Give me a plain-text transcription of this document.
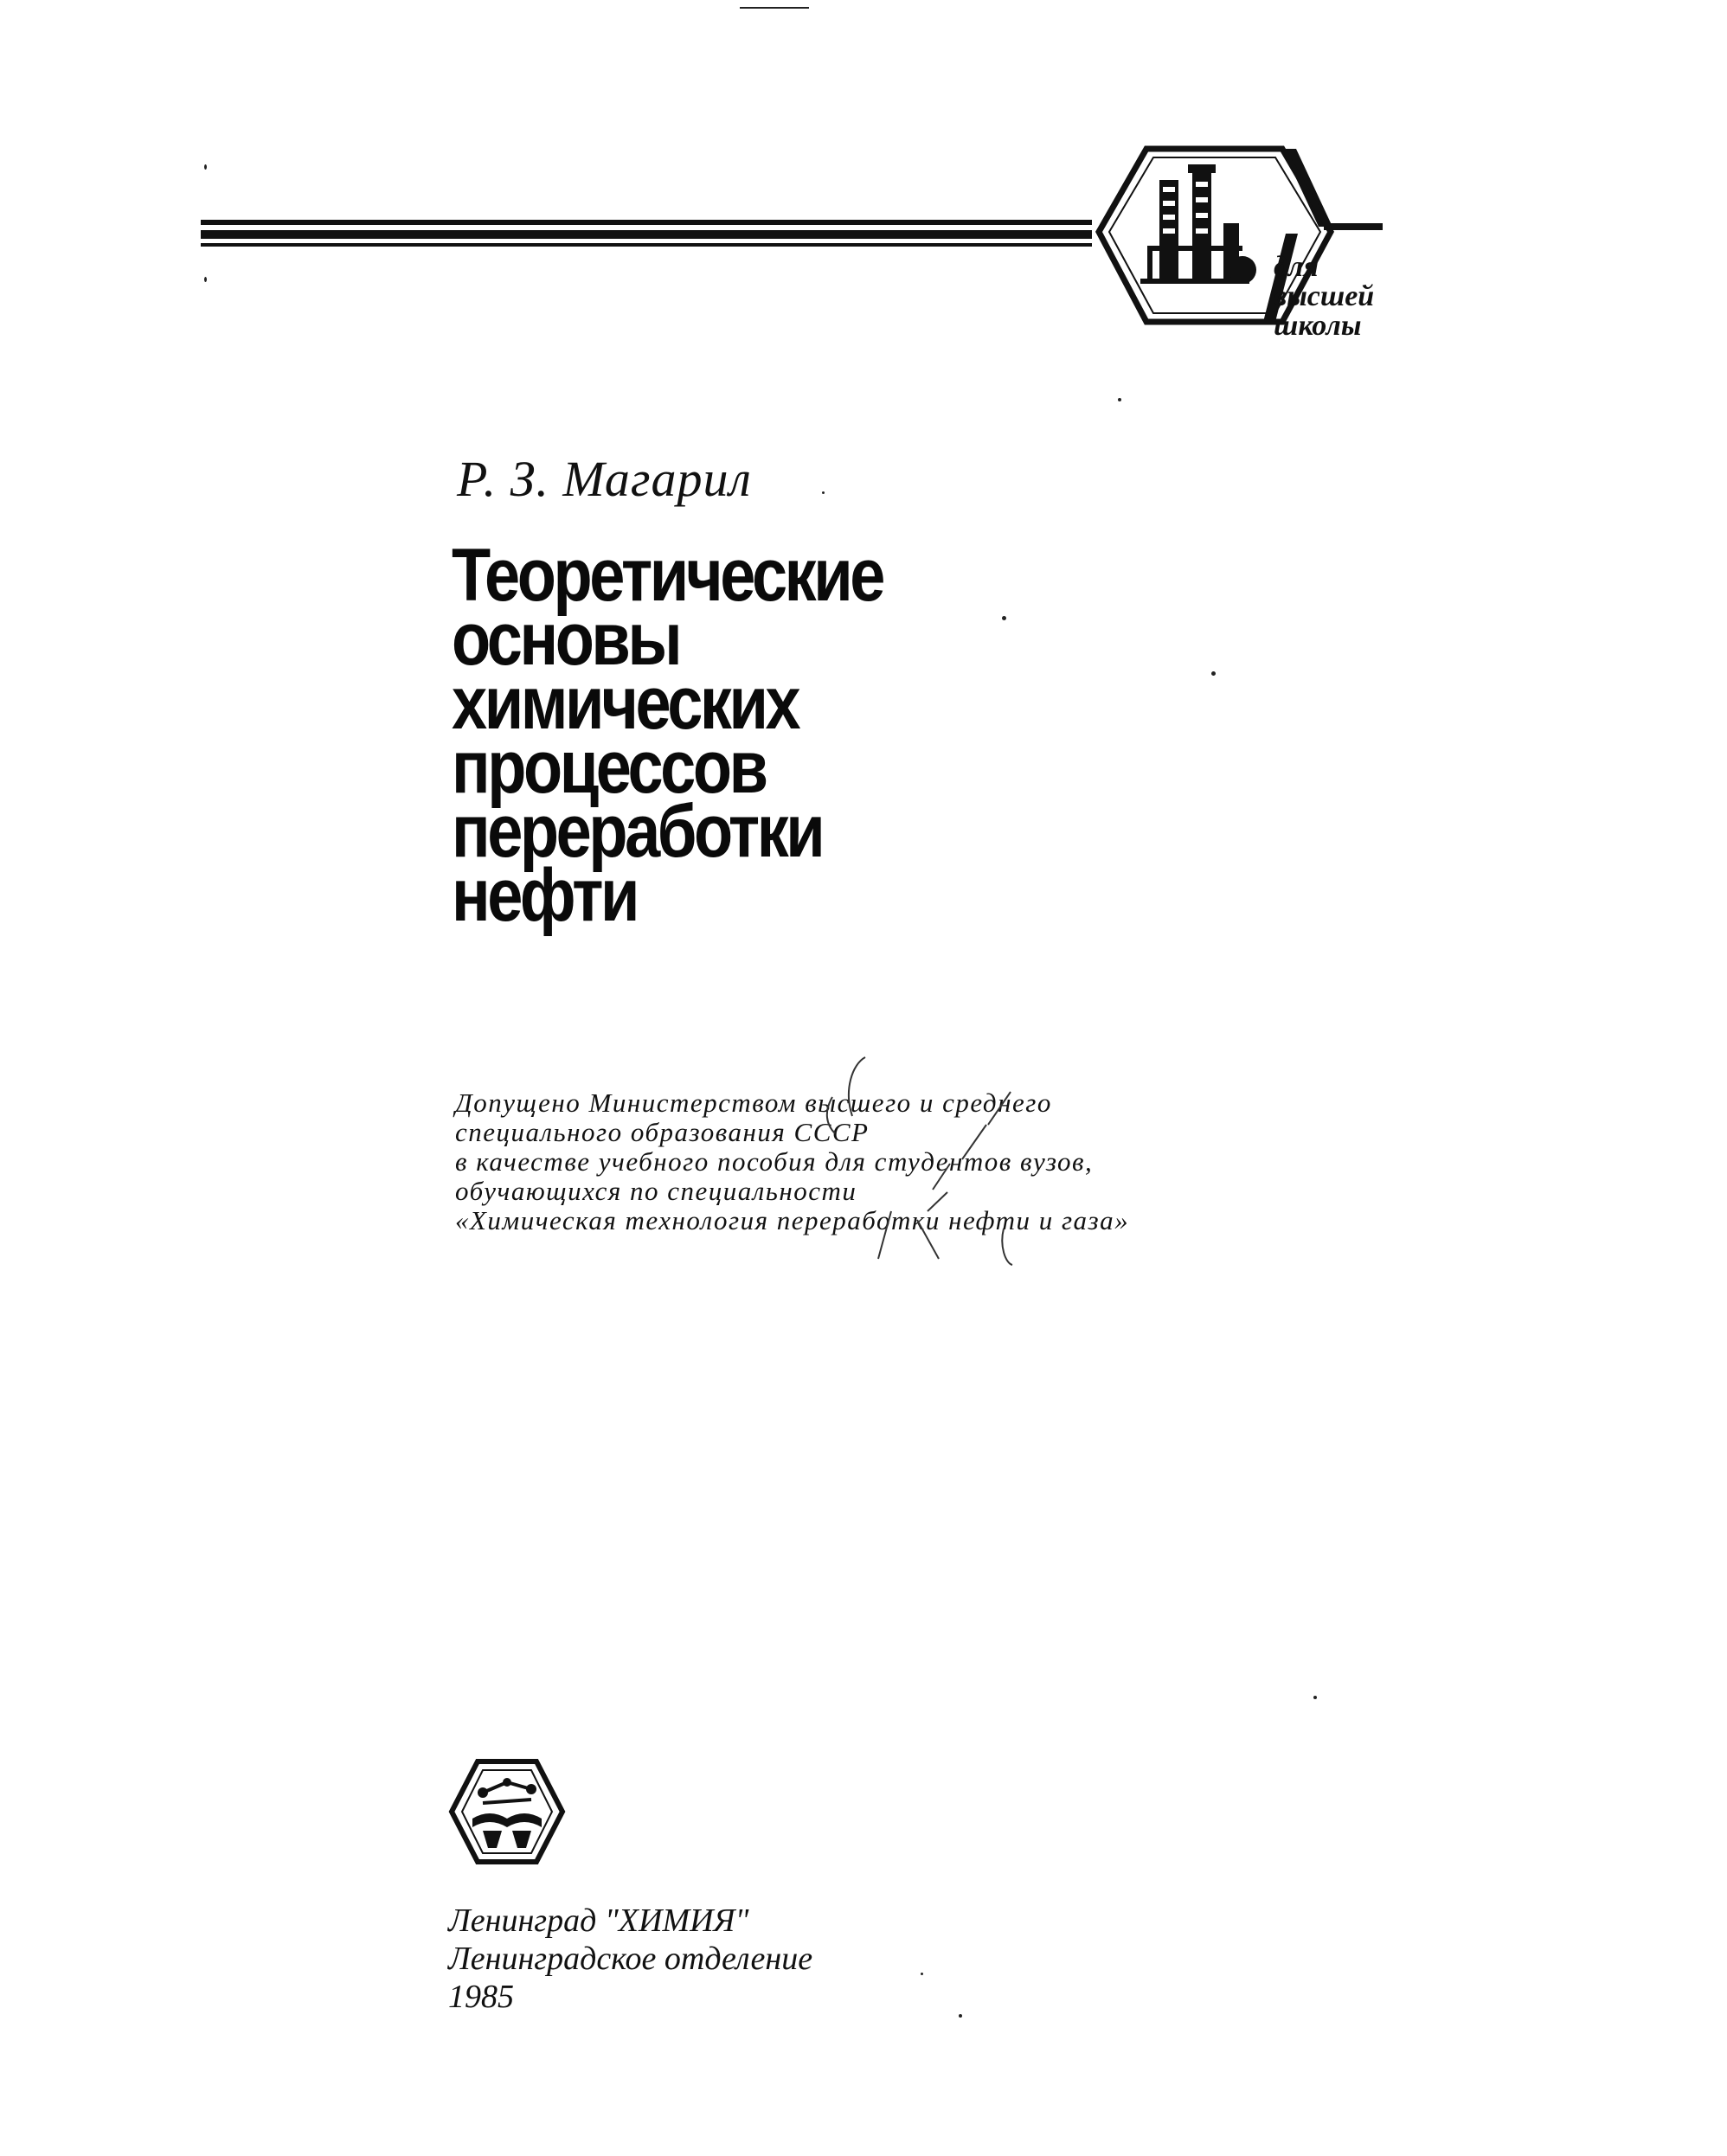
для
высшей
школы
Р. З. Магарил
Теоретические
основы
химических
процессов
переработки
нефти
Допущено Министерством высшего и среднего
специального образования СССР
в качестве учебного пособия для студентов вузов,
обучающихся по специальности
«Химическая технология переработки нефти и газа»
Ленинград "ХИМИЯ"
Ленинградское отделение
1985
